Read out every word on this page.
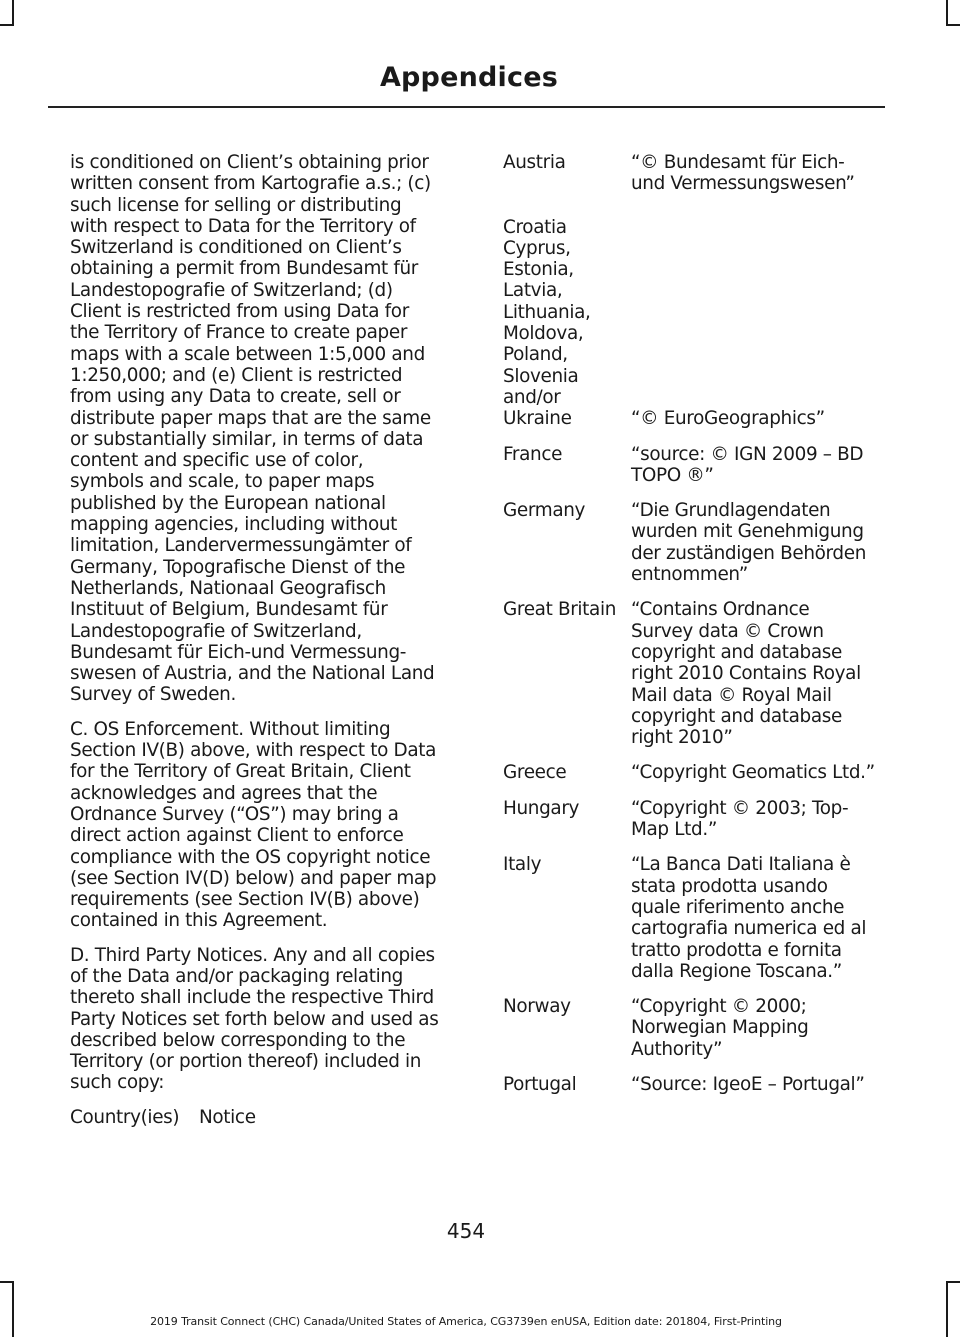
Appendices

is conditioned on Client’s obtaining prior written consent from Kartografie a.s.; (c) such license for selling or distributing with respect to Data for the Territory of Switzerland is conditioned on Client’s obtaining a permit from Bundesamt für Landestopografie of Switzerland; (d) Client is restricted from using Data for the Territory of France to create paper maps with a scale between 1:5,000 and 1:250,000; and (e) Client is restricted from using any Data to create, sell or distribute paper maps that are the same or substantially similar, in terms of data content and specific use of color, symbols and scale, to paper maps published by the European national mapping agencies, including without limitation, Landervermessungämter of Germany, Topografische Dienst of the Netherlands, Nationaal Geografisch Instituut of Belgium, Bundesamt für Landestopografie of Switzerland, Bundesamt für Eich-und Vermessung-swesen of Austria, and the National Land Survey of Sweden.

C. OS Enforcement. Without limiting Section IV(B) above, with respect to Data for the Territory of Great Britain, Client acknowledges and agrees that the Ordnance Survey (“OS”) may bring a direct action against Client to enforce compliance with the OS copyright notice (see Section IV(D) below) and paper map requirements (see Section IV(B) above) contained in this Agreement.

D. Third Party Notices. Any and all copies of the Data and/or packaging relating thereto shall include the respective Third Party Notices set forth below and used as described below corresponding to the Territory (or portion thereof) included in such copy:

Country(ies)	Notice
Austria	“© Bundesamt für Eich-und Vermessungswesen”
Croatia Cyprus, Estonia, Latvia, Lithuania, Moldova, Poland, Slovenia and/or Ukraine	“© EuroGeographics”
France	“source: © IGN 2009 – BD TOPO ®”
Germany	“Die Grundlagendaten wurden mit Genehmigung der zuständigen Behörden entnommen”
Great Britain “Contains Ordnance Survey data © Crown copyright and database right 2010 Contains Royal Mail data © Royal Mail copyright and database right 2010”
Greece	“Copyright Geomatics Ltd.”
Hungary	“Copyright © 2003; Top-Map Ltd.”
Italy	“La Banca Dati Italiana è stata prodotta usando quale riferimento anche cartografia numerica ed al tratto prodotta e fornita dalla Regione Toscana.”
Norway	“Copyright © 2000; Norwegian Mapping Authority”
Portugal	“Source: IgeoE – Portugal”
454
2019 Transit Connect (CHC) Canada/United States of America, CG3739en enUSA, Edition date: 201804, First-Printing
